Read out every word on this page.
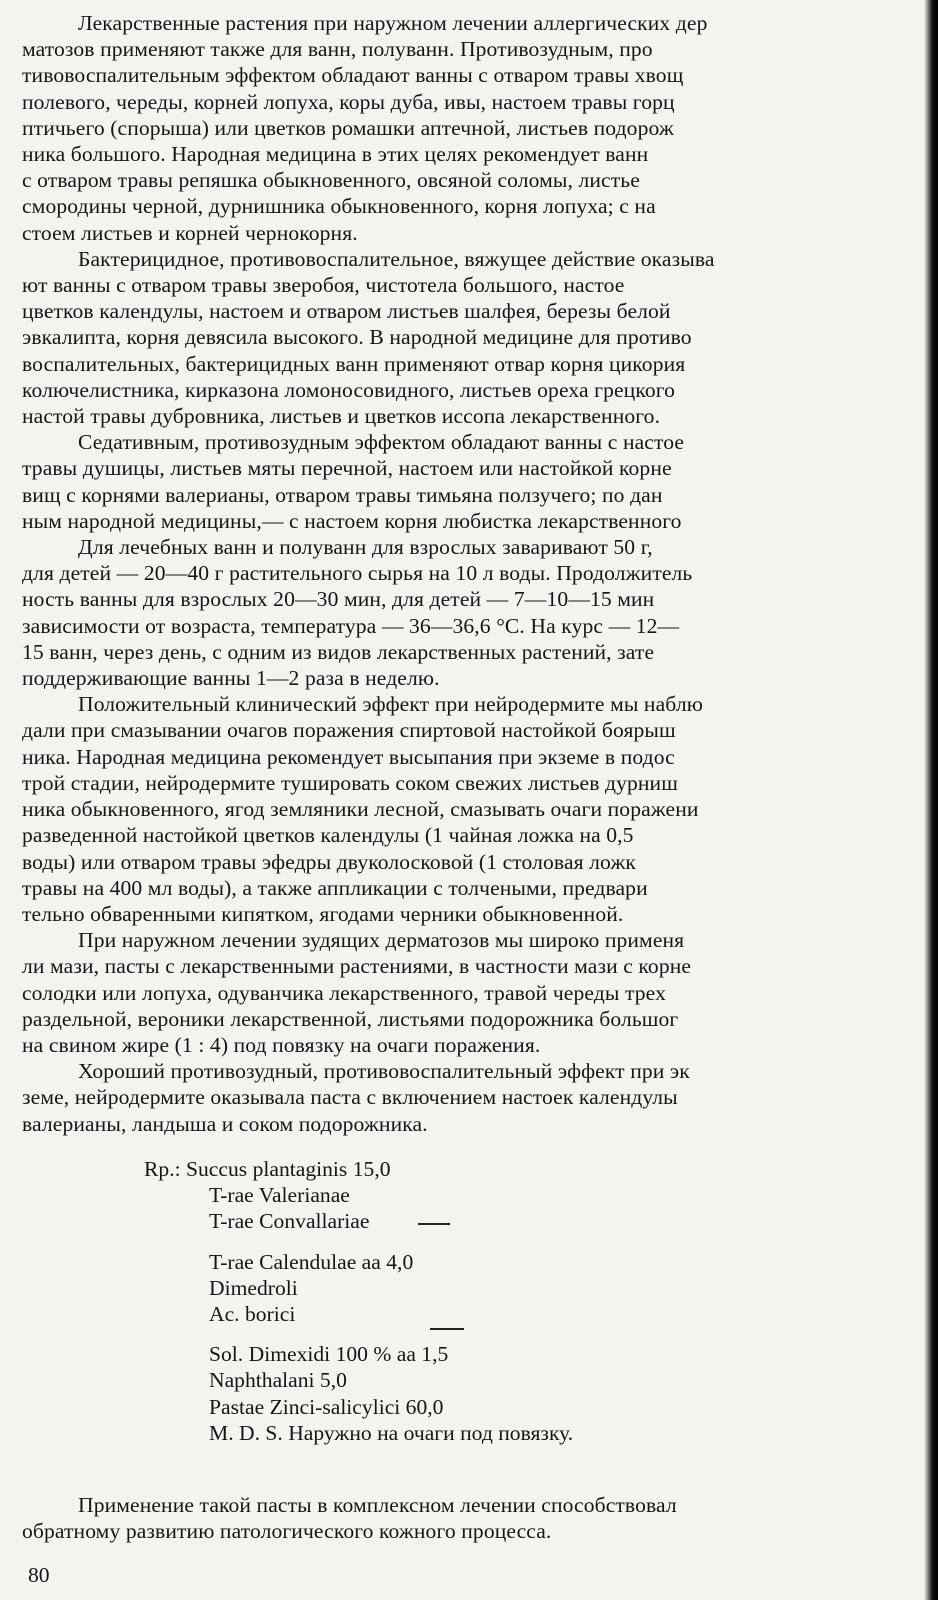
Лекарственные растения при наружном лечении аллергических дер
матозов применяют также для ванн, полуванн. Противозудным, про
тивовоспалительным эффектом обладают ванны с отваром травы хвощ
полевого, череды, корней лопуха, коры дуба, ивы, настоем травы горц
птичьего (спорыша) или цветков ромашки аптечной, листьев подорож
ника большого. Народная медицина в этих целях рекомендует ванн
с отваром травы репяшка обыкновенного, овсяной соломы, листье
смородины черной, дурнишника обыкновенного, корня лопуха; с на
стоем листьев и корней чернокорня.

Бактерицидное, противовоспалительное, вяжущее действие оказыва
ют ванны с отваром травы зверобоя, чистотела большого, настое
цветков календулы, настоем и отваром листьев шалфея, березы белой
эвкалипта, корня девясила высокого. В народной медицине для противо
воспалительных, бактерицидных ванн применяют отвар корня цикория
колючелистника, кирказона ломоносовидного, листьев ореха грецкого
настой травы дубровника, листьев и цветков иссопа лекарственного.

Седативным, противозудным эффектом обладают ванны с настое
травы душицы, листьев мяты перечной, настоем или настойкой корне
вищ с корнями валерианы, отваром травы тимьяна ползучего; по дан
ным народной медицины,— с настоем корня любистка лекарственного

Для лечебных ванн и полуванн для взрослых заваривают 50 г,
для детей — 20—40 г растительного сырья на 10 л воды. Продолжитель
ность ванны для взрослых 20—30 мин, для детей — 7—10—15 мин
зависимости от возраста, температура — 36—36,6 °С. На курс — 12—
15 ванн, через день, с одним из видов лекарственных растений, зате
поддерживающие ванны 1—2 раза в неделю.

Положительный клинический эффект при нейродермите мы наблю
дали при смазывании очагов поражения спиртовой настойкой боярыш
ника. Народная медицина рекомендует высыпания при экземе в подос
трой стадии, нейродермите тушировать соком свежих листьев дурниш
ника обыкновенного, ягод земляники лесной, смазывать очаги поражени
разведенной настойкой цветков календулы (1 чайная ложка на 0,5
воды) или отваром травы эфедры двуколосковой (1 столовая ложк
травы на 400 мл воды), а также аппликации с толчеными, предвари
тельно обваренными кипятком, ягодами черники обыкновенной.

При наружном лечении зудящих дерматозов мы широко применя
ли мази, пасты с лекарственными растениями, в частности мази с корне
солодки или лопуха, одуванчика лекарственного, травой череды трех
раздельной, вероники лекарственной, листьями подорожника большог
на свином жире (1 : 4) под повязку на очаги поражения.

Хороший противозудный, противовоспалительный эффект при эк
земе, нейродермите оказывала паста с включением настоек календулы
валерианы, ландыша и соком подорожника.

Rp.: Succus plantaginis 15,0
T-rae Valerianae
T-rae Convallariae
T-rae Calendulae aa 4,0
Dimedroli
Ac. borici
Sol. Dimexidi 100 % aa 1,5
Naphthalani 5,0
Pastae Zinci-salicylici 60,0
M. D. S. Наружно на очаги под повязку.

Применение такой пасты в комплексном лечении способствовал
обратному развитию патологического кожного процесса.

80
